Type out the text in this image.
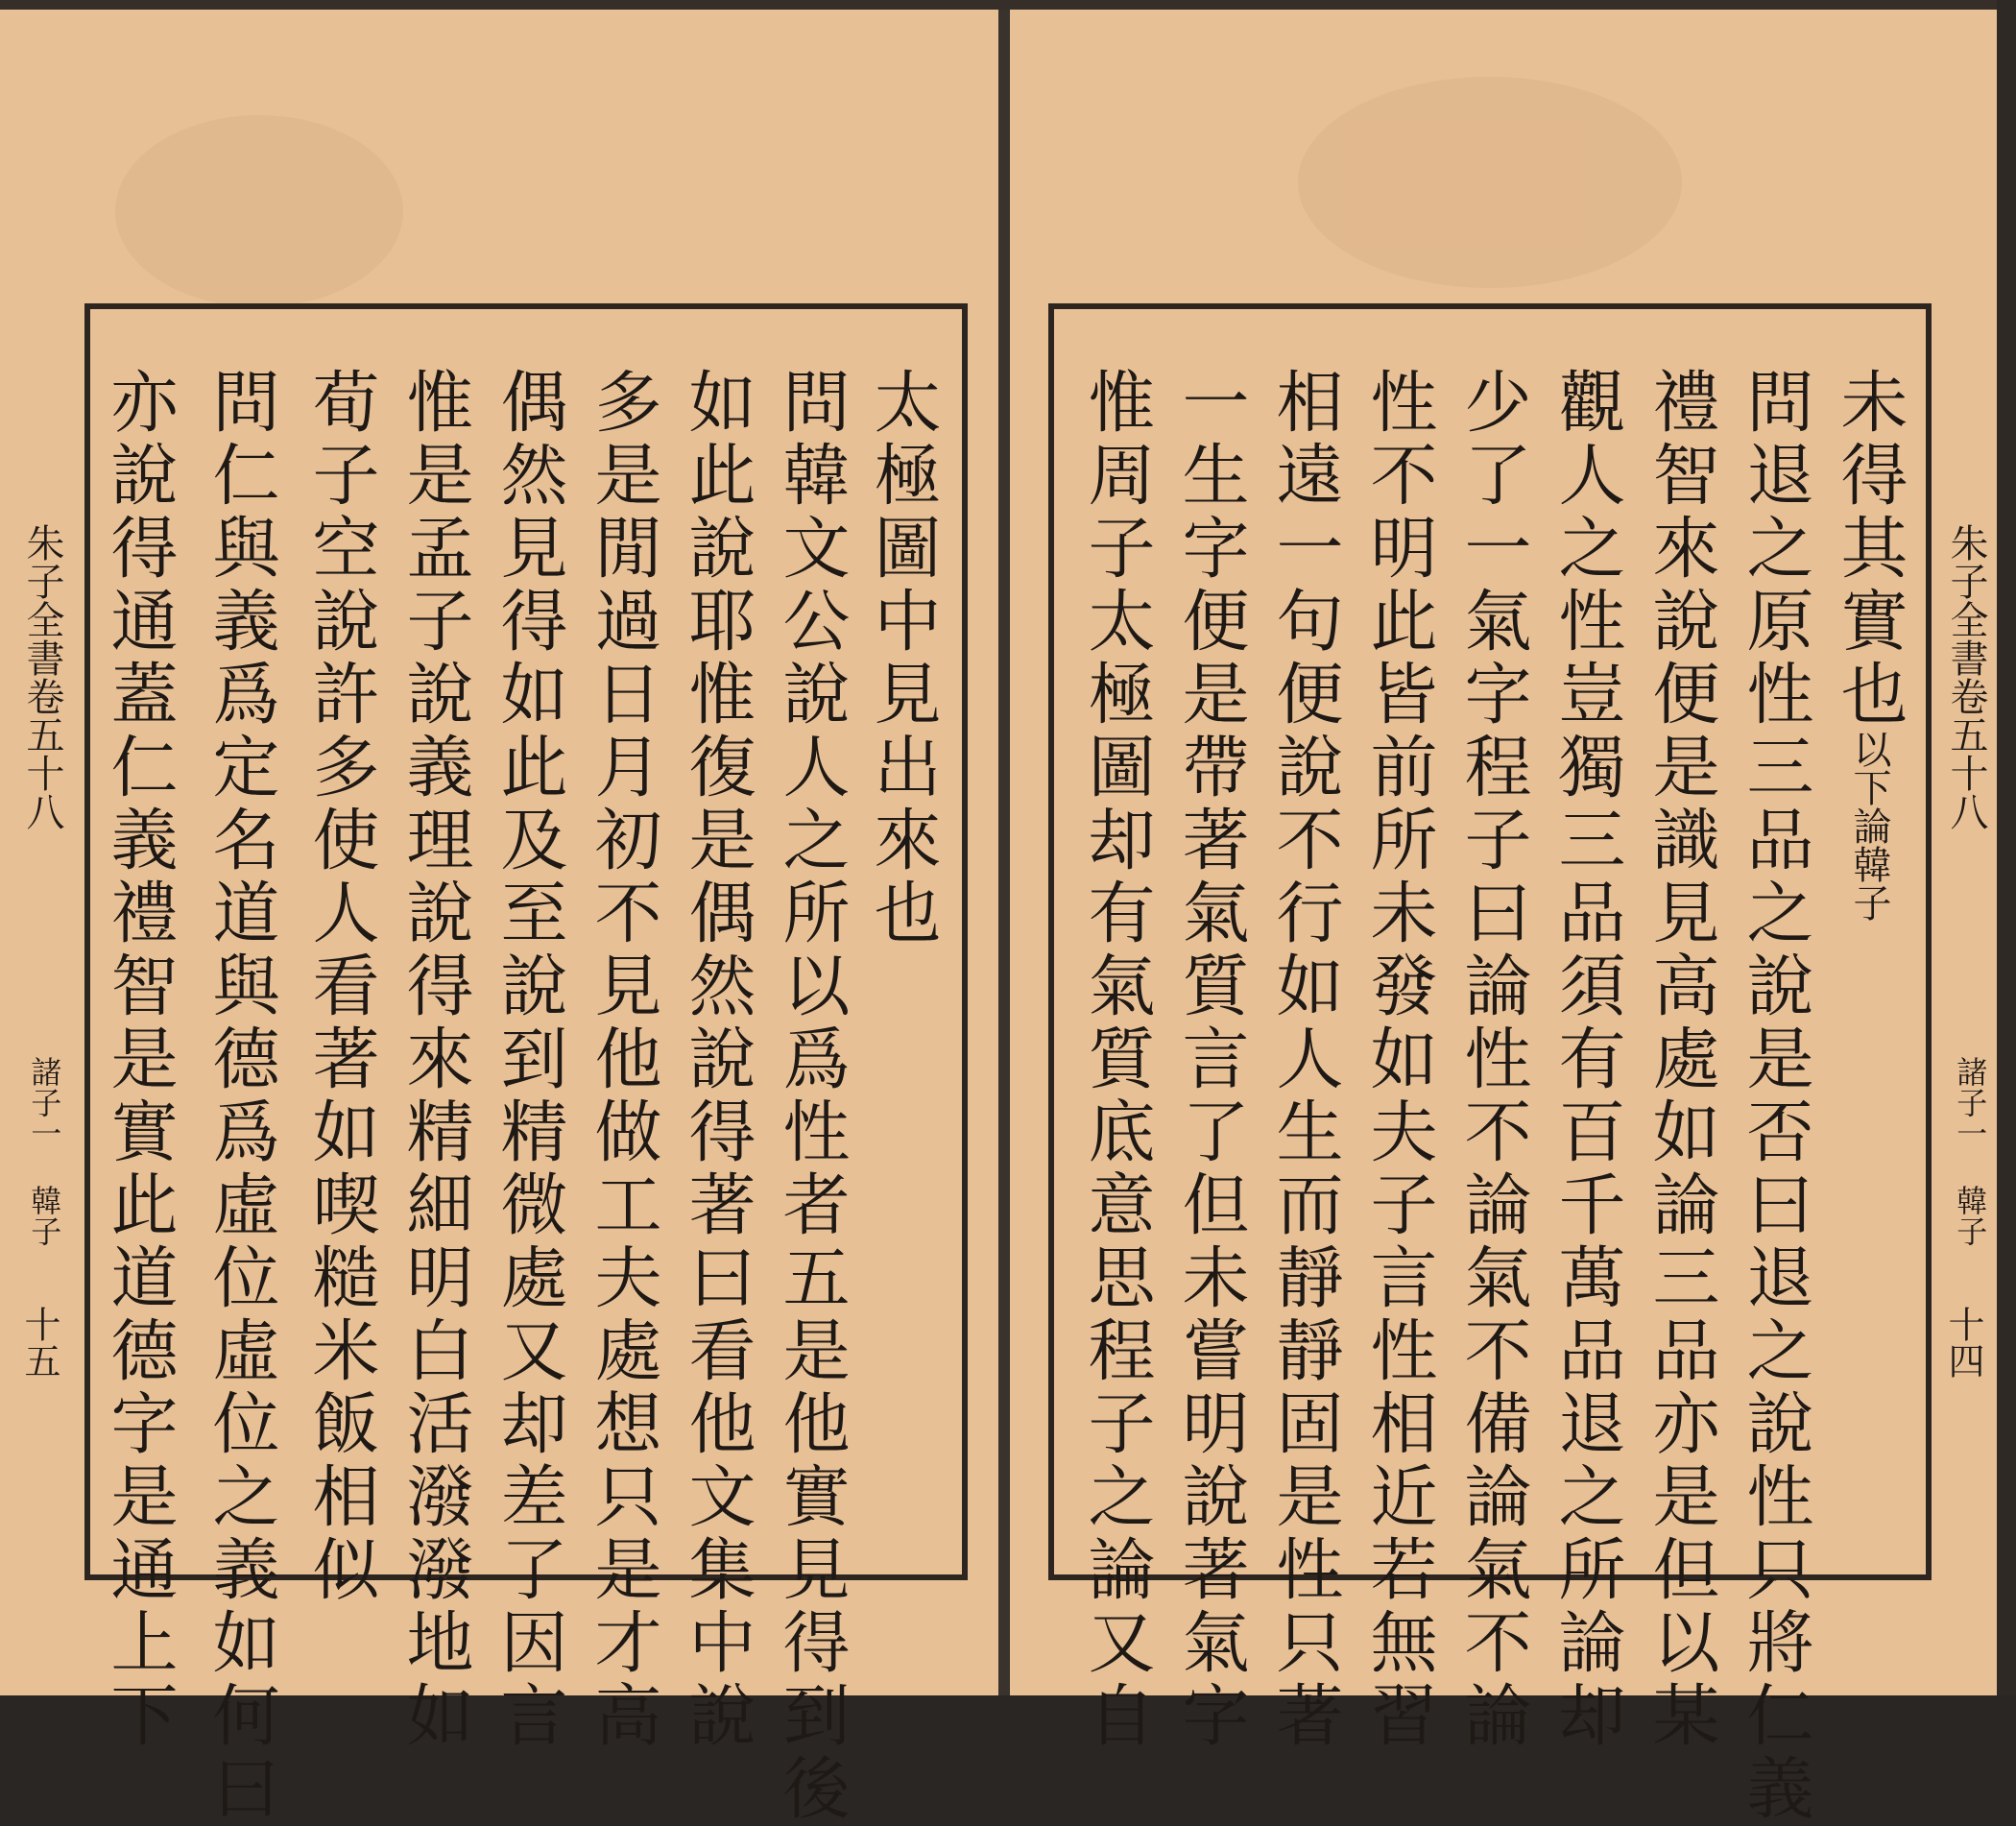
太極圖中見出來也
問韓文公說人之所以爲性者五是他實見得到後
如此說耶惟復是偶然說得著曰看他文集中說
多是閒過日月初不見他做工夫處想只是才高
偶然見得如此及至說到精微處又却差了因言
惟是孟子說義理說得來精細明白活潑潑地如
荀子空說許多使人看著如喫糙米飯相似
問仁與義爲定名道與德爲虛位虛位之義如何曰
亦說得通蓋仁義禮智是實此道德字是通上下
朱子全書卷五十八
諸子一 韓子
十五
未得其實也
以下論韓子
問退之原性三品之說是否曰退之說性只將仁義
禮智來說便是識見高處如論三品亦是但以某
觀人之性豈獨三品須有百千萬品退之所論却
少了一氣字程子曰論性不論氣不備論氣不論
性不明此皆前所未發如夫子言性相近若無習
相遠一句便說不行如人生而靜靜固是性只著
一生字便是帶著氣質言了但未嘗明說著氣字
惟周子太極圖却有氣質底意思程子之論又自	朱子全書卷五十八
諸子一 韓子
十四
